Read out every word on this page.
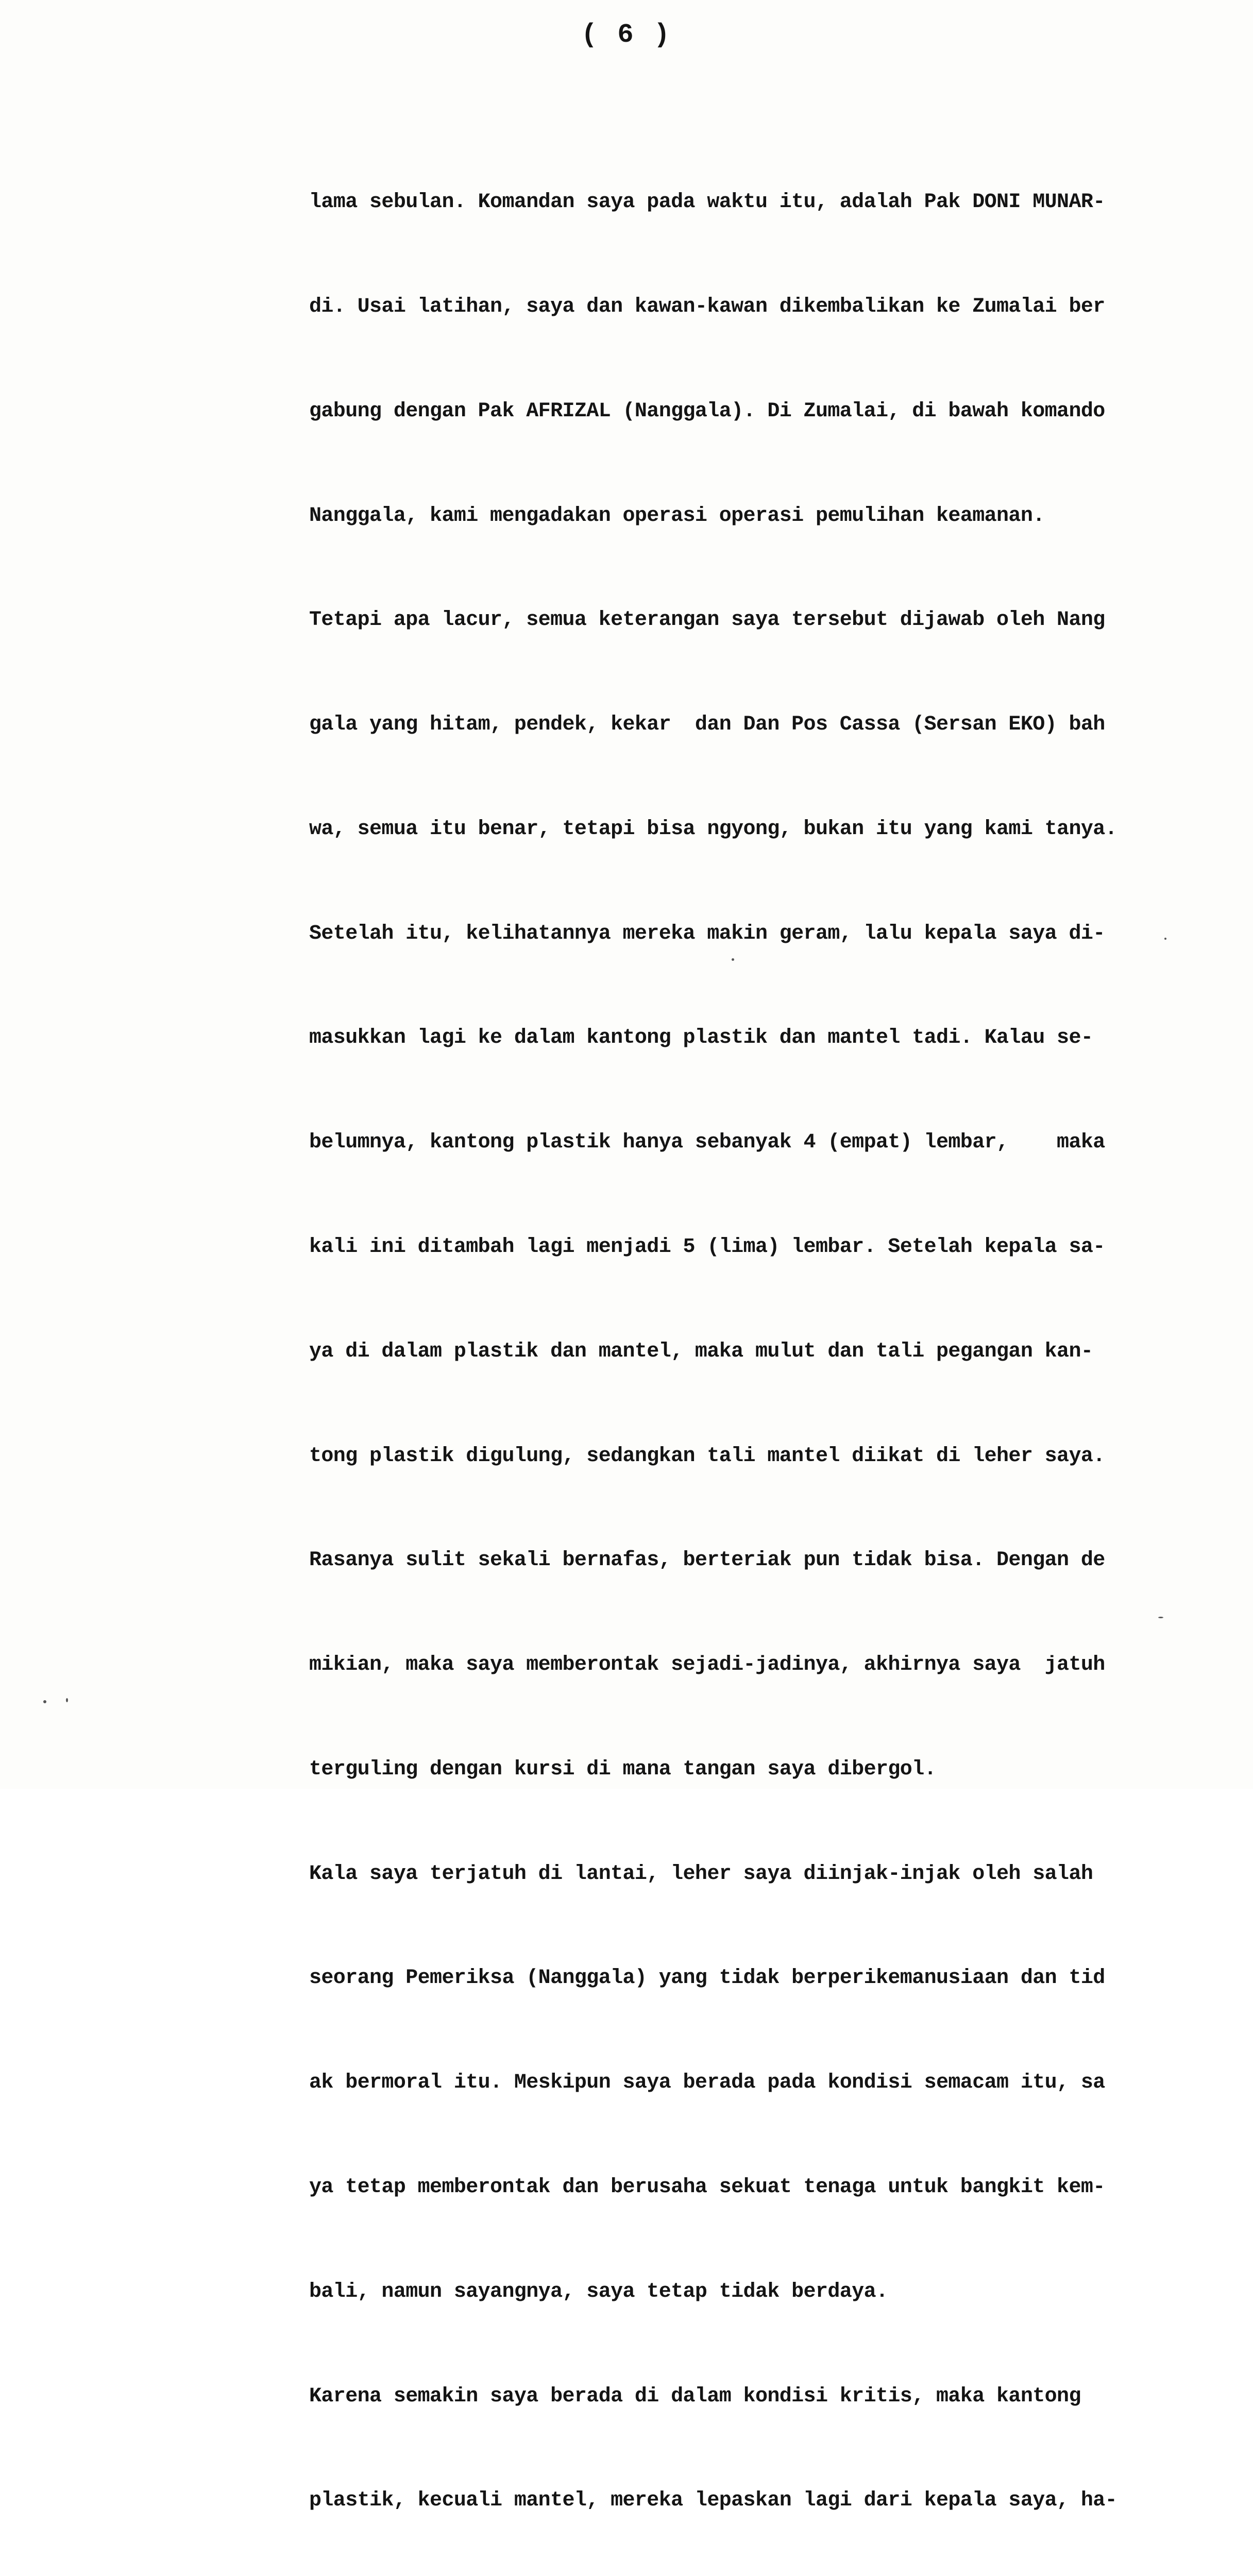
( 6 )

lama sebulan. Komandan saya pada waktu itu, adalah Pak DONI MUNAR-

di. Usai latihan, saya dan kawan-kawan dikembalikan ke Zumalai ber

gabung dengan Pak AFRIZAL (Nanggala). Di Zumalai, di bawah komando

Nanggala, kami mengadakan operasi operasi pemulihan keamanan.

Tetapi apa lacur, semua keterangan saya tersebut dijawab oleh Nang

gala yang hitam, pendek, kekar  dan Dan Pos Cassa (Sersan EKO) bah

wa, semua itu benar, tetapi bisa ngyong, bukan itu yang kami tanya.

Setelah itu, kelihatannya mereka makin geram, lalu kepala saya di-

masukkan lagi ke dalam kantong plastik dan mantel tadi. Kalau se-

belumnya, kantong plastik hanya sebanyak 4 (empat) lembar,    maka

kali ini ditambah lagi menjadi 5 (lima) lembar. Setelah kepala sa-

ya di dalam plastik dan mantel, maka mulut dan tali pegangan kan-

tong plastik digulung, sedangkan tali mantel diikat di leher saya.

Rasanya sulit sekali bernafas, berteriak pun tidak bisa. Dengan de

mikian, maka saya memberontak sejadi-jadinya, akhirnya saya  jatuh

terguling dengan kursi di mana tangan saya dibergol.

Kala saya terjatuh di lantai, leher saya diinjak-injak oleh salah

seorang Pemeriksa (Nanggala) yang tidak berperikemanusiaan dan tid

ak bermoral itu. Meskipun saya berada pada kondisi semacam itu, sa

ya tetap memberontak dan berusaha sekuat tenaga untuk bangkit kem-

bali, namun sayangnya, saya tetap tidak berdaya.

Karena semakin saya berada di dalam kondisi kritis, maka kantong

plastik, kecuali mantel, mereka lepaskan lagi dari kepala saya, ha-
